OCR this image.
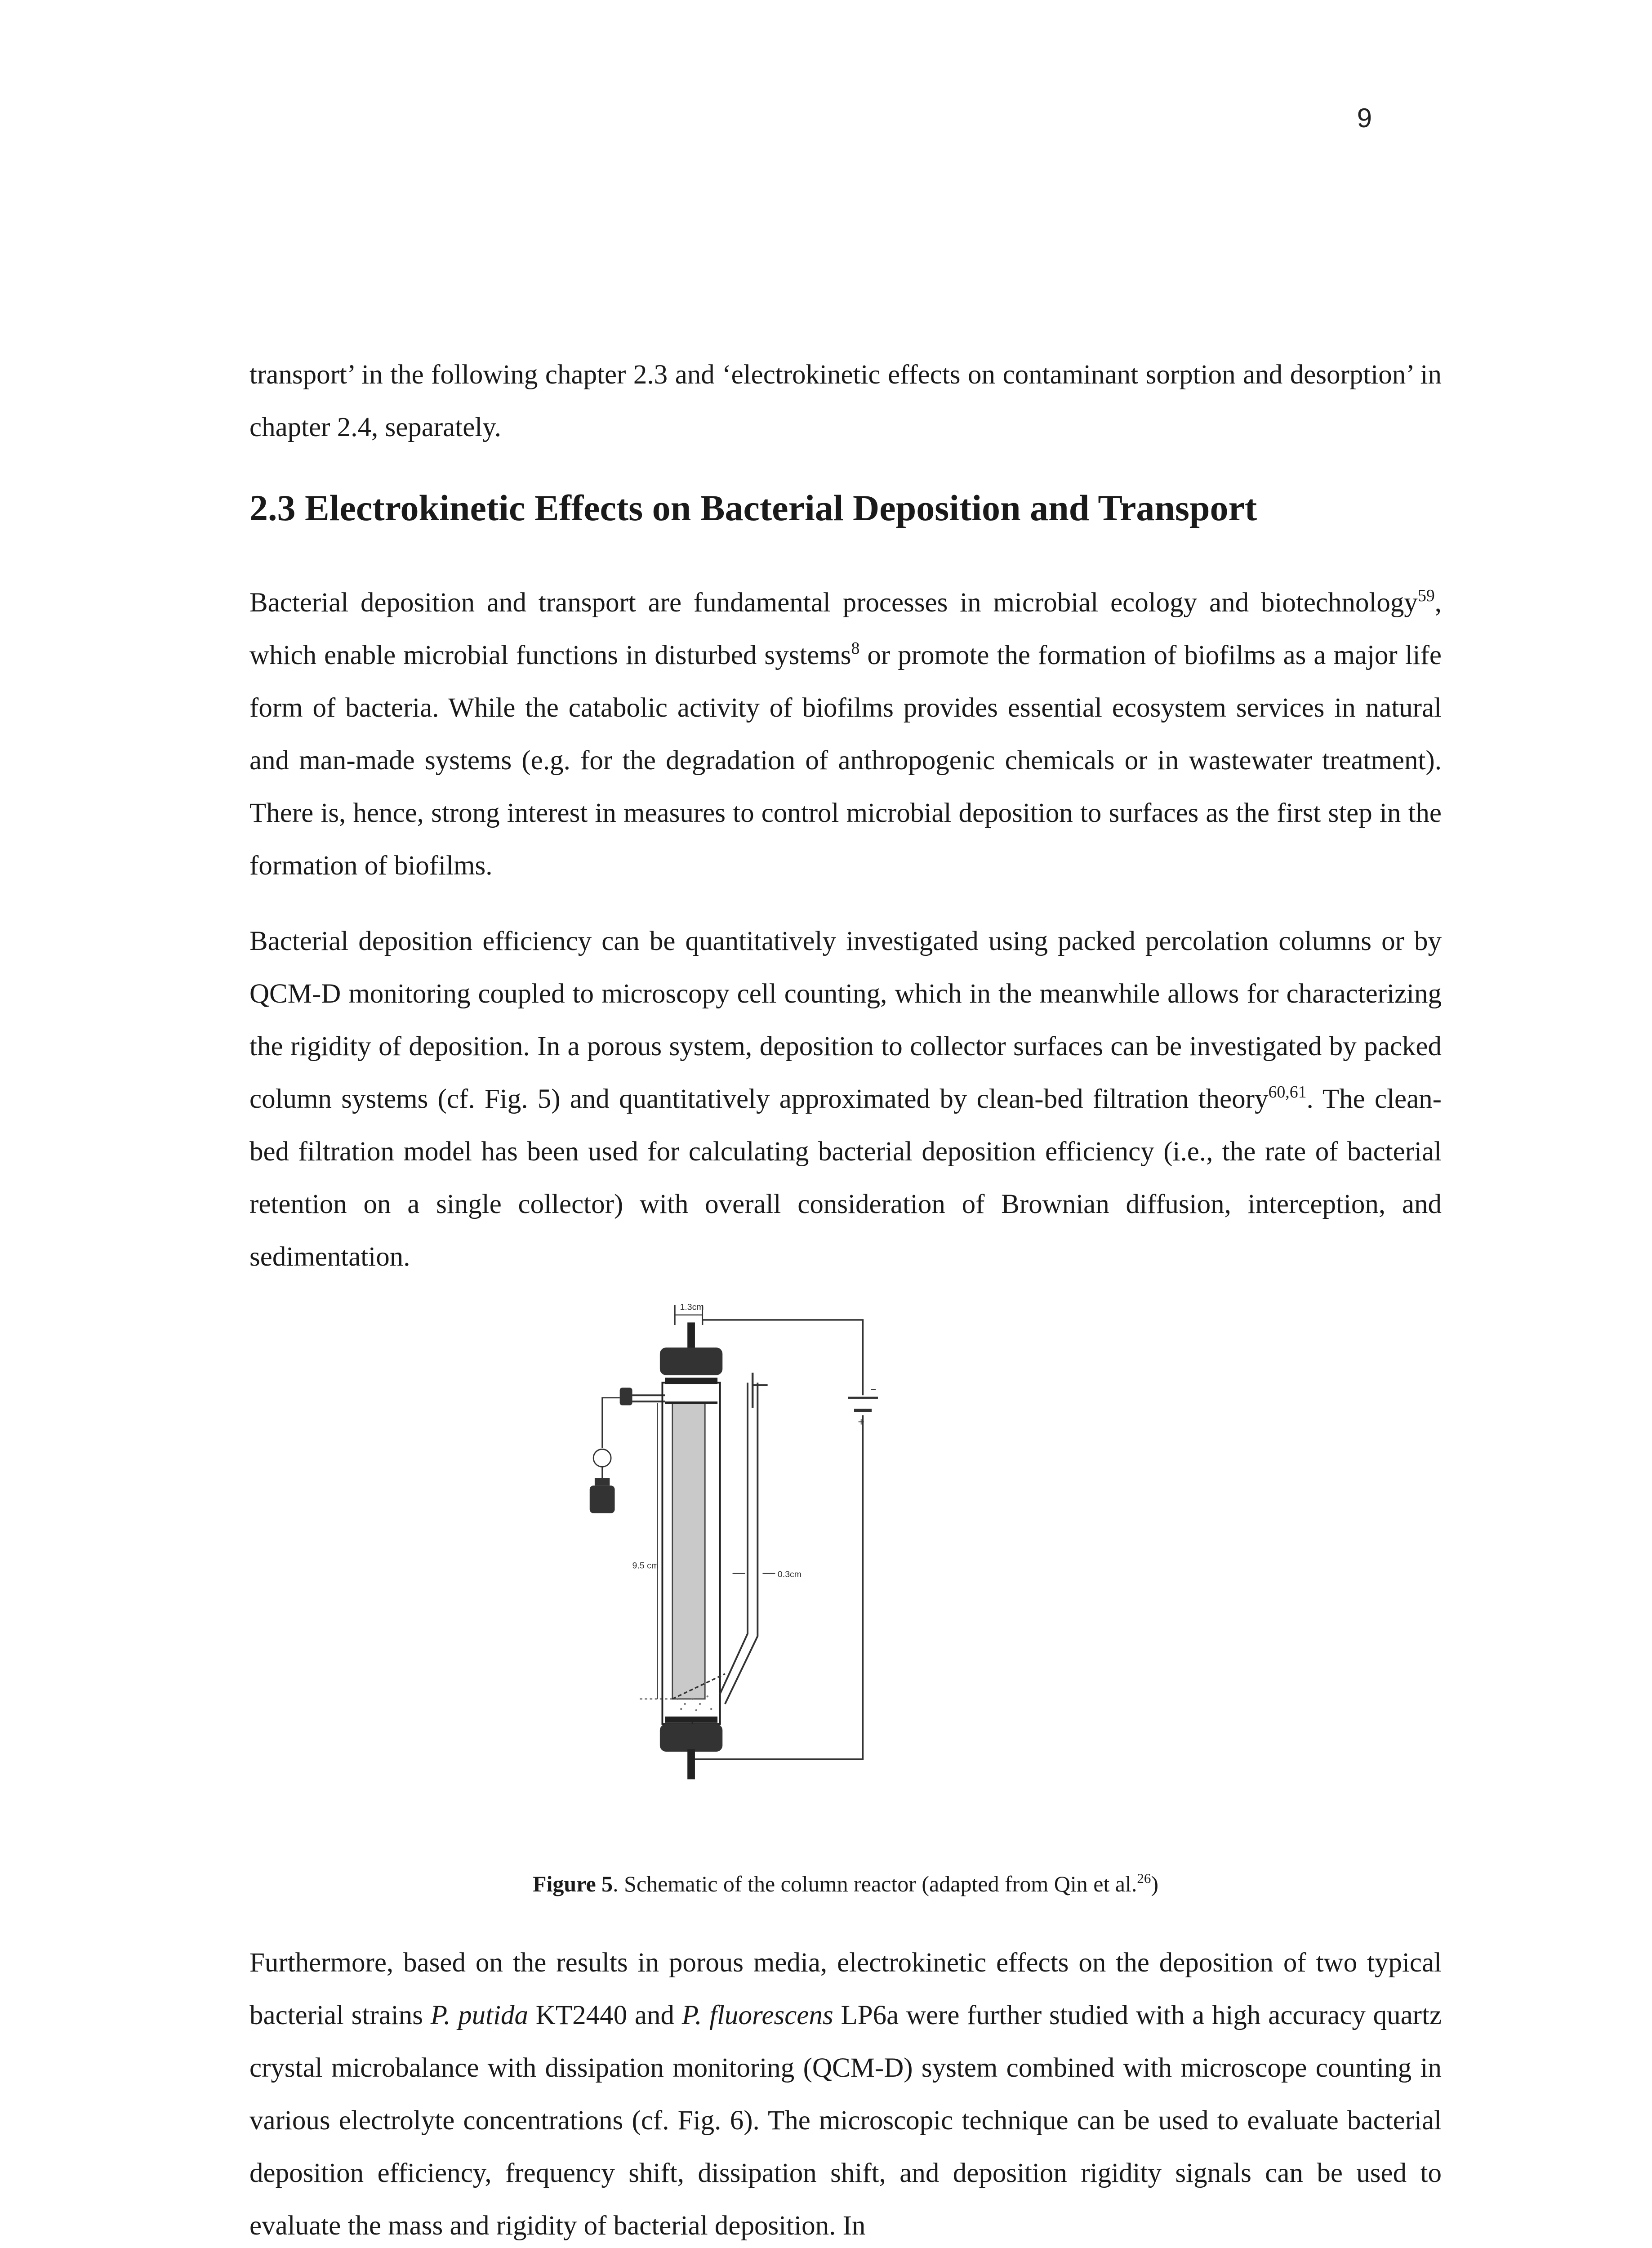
9

transport’ in the following chapter 2.3 and ‘electrokinetic effects on contaminant sorption and desorption’ in chapter 2.4, separately.

2.3 Electrokinetic Effects on Bacterial Deposition and Transport

Bacterial deposition and transport are fundamental processes in microbial ecology and biotechnology$^{59}$, which enable microbial functions in disturbed systems$^8$ or promote the formation of biofilms as a major life form of bacteria. While the catabolic activity of biofilms provides essential ecosystem services in natural and man-made systems (e.g. for the degradation of anthropogenic chemicals or in wastewater treatment). There is, hence, strong interest in measures to control microbial deposition to surfaces as the first step in the formation of biofilms.

Bacterial deposition efficiency can be quantitatively investigated using packed percolation columns or by QCM-D monitoring coupled to microscopy cell counting, which in the meanwhile allows for characterizing the rigidity of deposition. In a porous system, deposition to collector surfaces can be investigated by packed column systems (cf. Fig. 5) and quantitatively approximated by clean-bed filtration theory$^{60,61}$. The clean-bed filtration model has been used for calculating bacterial deposition efficiency (i.e., the rate of bacterial retention on a single collector) with overall consideration of Brownian diffusion, interception, and sedimentation.

1.3cm
−
+
9.5 cm
0.3cm
Figure 5. Schematic of the column reactor (adapted from Qin et al.$^{26}$)

Furthermore, based on the results in porous media, electrokinetic effects on the deposition of two typical bacterial strains P. putida KT2440 and P. fluorescens LP6a were further studied with a high accuracy quartz crystal microbalance with dissipation monitoring (QCM-D) system combined with microscope counting in various electrolyte concentrations (cf. Fig. 6). The microscopic technique can be used to evaluate bacterial deposition efficiency, frequency shift, dissipation shift, and deposition rigidity signals can be used to evaluate the mass and rigidity of bacterial deposition. In
